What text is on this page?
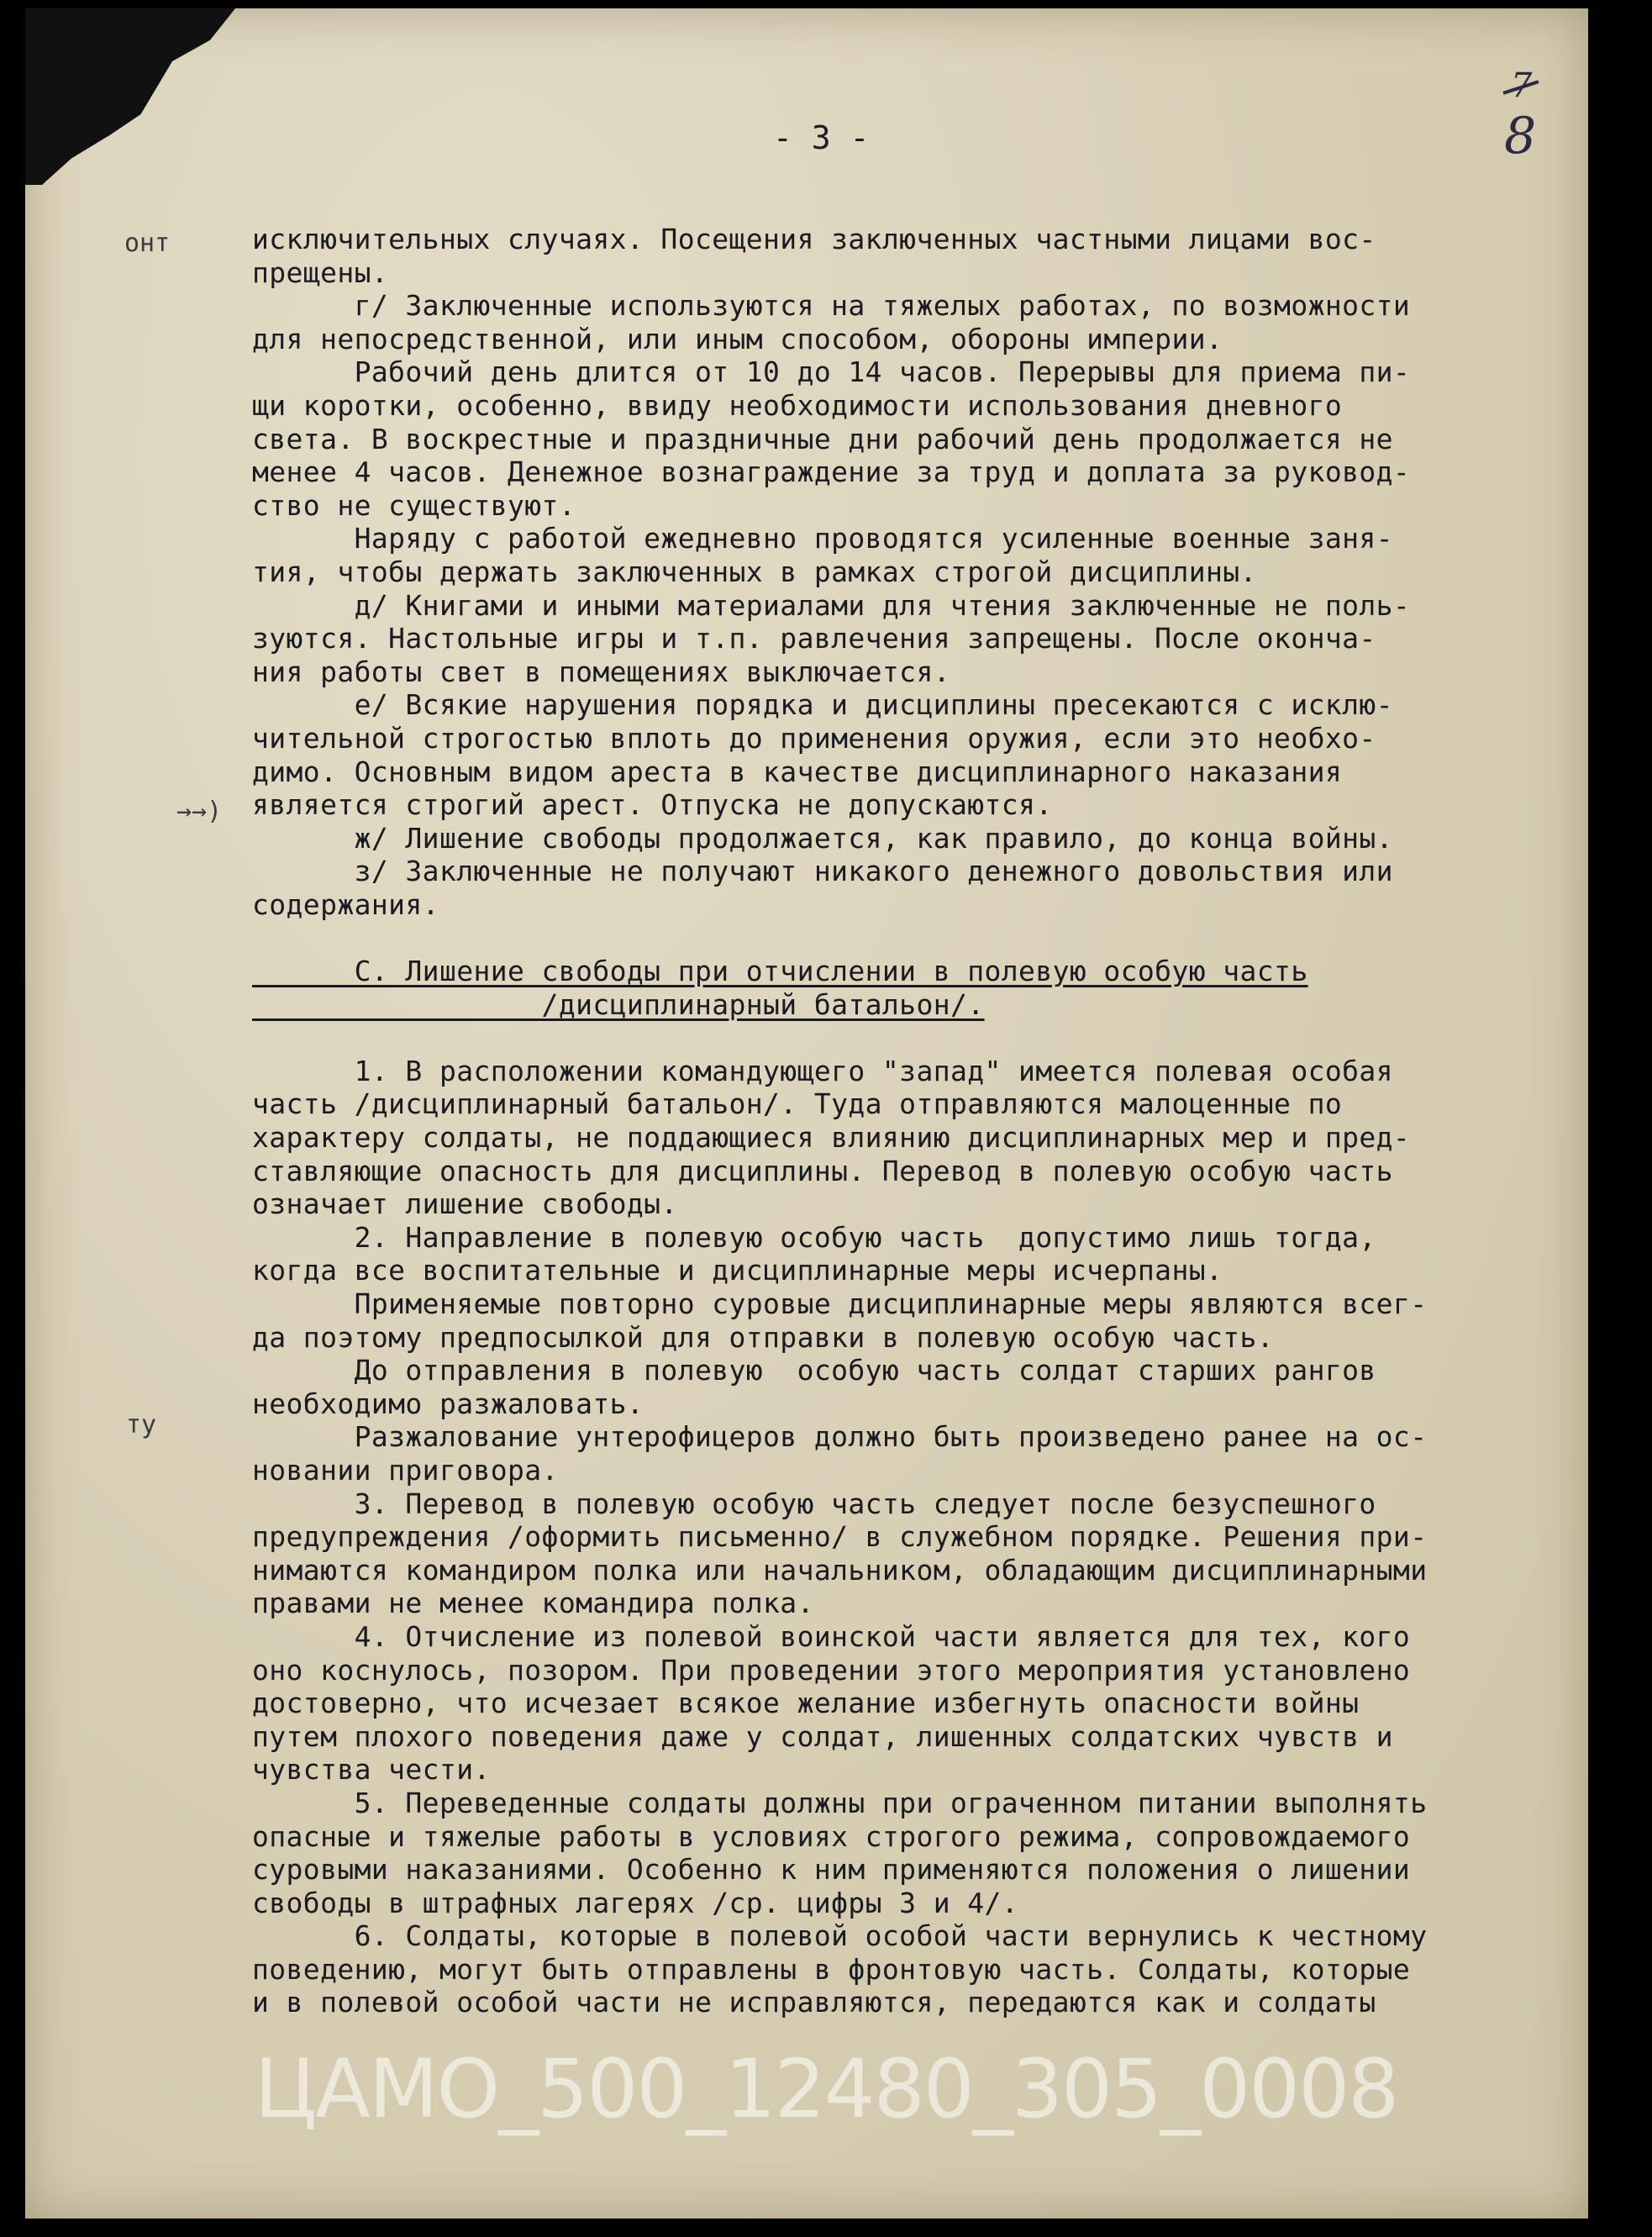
- 3 -
7
8
онт
→→)
ту
исключительных случаях. Посещения заключенных частными лицами вос-
прещены.
г/ Заключенные используются на тяжелых работах, по возможности
для непосредственной, или иным способом, обороны империи.
Рабочий день длится от 10 до 14 часов. Перерывы для приема пи-
щи коротки, особенно, ввиду необходимости использования дневного
света. В воскрестные и праздничные дни рабочий день продолжается не
менее 4 часов. Денежное вознаграждение за труд и доплата за руковод-
ство не существуют.
Наряду с работой ежедневно проводятся усиленные военные заня-
тия, чтобы держать заключенных в рамках строгой дисциплины.
д/ Книгами и иными материалами для чтения заключенные не поль-
зуются. Настольные игры и т.п. равлечения запрещены. После оконча-
ния работы свет в помещениях выключается.
е/ Всякие нарушения порядка и дисциплины пресекаются с исклю-
чительной строгостью вплоть до применения оружия, если это необхо-
димо. Основным видом ареста в качестве дисциплинарного наказания
является строгий арест. Отпуска не допускаются.
ж/ Лишение свободы продолжается, как правило, до конца войны.
з/ Заключенные не получают никакого денежного довольствия или
содержания.
С. Лишение свободы при отчислении в полевую особую часть
/дисциплинарный батальон/.
1. В расположении командующего "запад" имеется полевая особая
часть /дисциплинарный батальон/. Туда отправляются малоценные по
характеру солдаты, не поддающиеся влиянию дисциплинарных мер и пред-
ставляющие опасность для дисциплины. Перевод в полевую особую часть
означает лишение свободы.
2. Направление в полевую особую часть  допустимо лишь тогда,
когда все воспитательные и дисциплинарные меры исчерпаны.
Применяемые повторно суровые дисциплинарные меры являются всег-
да поэтому предпосылкой для отправки в полевую особую часть.
До отправления в полевую  особую часть солдат старших рангов
необходимо разжаловать.
Разжалование унтерофицеров должно быть произведено ранее на ос-
новании приговора.
3. Перевод в полевую особую часть следует после безуспешного
предупреждения /оформить письменно/ в служебном порядке. Решения при-
нимаются командиром полка или начальником, обладающим дисциплинарными
правами не менее командира полка.
4. Отчисление из полевой воинской части является для тех, кого
оно коснулось, позором. При проведении этого мероприятия установлено
достоверно, что исчезает всякое желание избегнуть опасности войны
путем плохого поведения даже у солдат, лишенных солдатских чувств и
чувства чести.
5. Переведенные солдаты должны при ограченном питании выполнять
опасные и тяжелые работы в условиях строгого режима, сопровождаемого
суровыми наказаниями. Особенно к ним применяются положения о лишении
свободы в штрафных лагерях /ср. цифры 3 и 4/.
6. Солдаты, которые в полевой особой части вернулись к честному
поведению, могут быть отправлены в фронтовую часть. Солдаты, которые
и в полевой особой части не исправляются, передаются как и солдаты
ЦАМО_500_12480_305_0008
